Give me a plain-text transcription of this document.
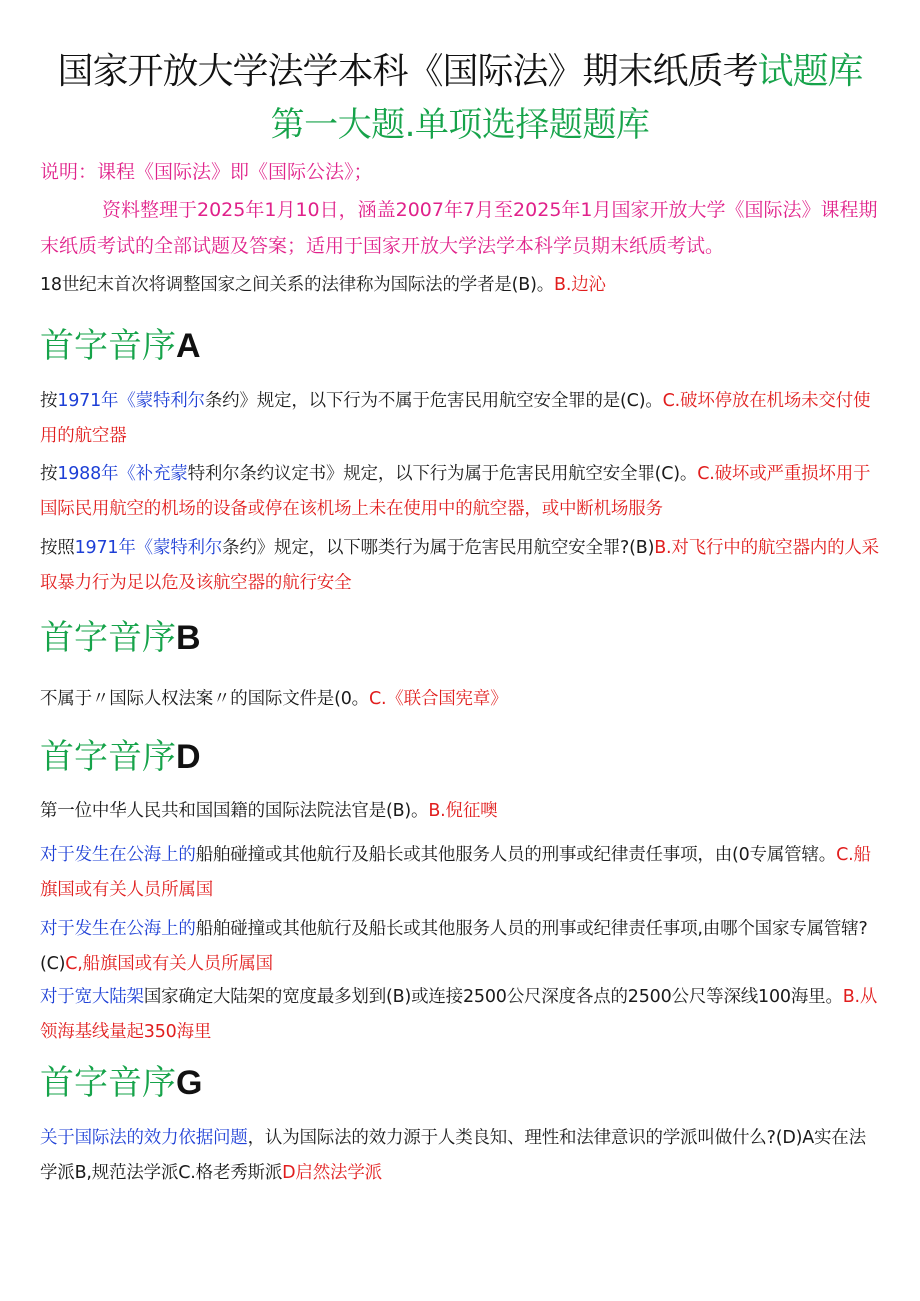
国家开放大学法学本科《国际法》期末纸质考试题库
第一大题.单项选择题题库
说明：课程《国际法》即《国际公法》；
资料整理于2025年1月10日，涵盖2007年7月至2025年1月国家开放大学《国际法》课程期末纸质考试的全部试题及答案；适用于国家开放大学法学本科学员期末纸质考试。
18世纪末首次将调整国家之间关系的法律称为国际法的学者是(B)。B.边沁
首字音序A
按1971年《蒙特利尔条约》规定，以下行为不属于危害民用航空安全罪的是(C)。C.破坏停放在机场未交付使用的航空器
按1988年《补充蒙特利尔条约议定书》规定，以下行为属于危害民用航空安全罪(C)。C.破坏或严重损坏用于国际民用航空的机场的设备或停在该机场上未在使用中的航空器，或中断机场服务
按照1971年《蒙特利尔条约》规定，以下哪类行为属于危害民用航空安全罪?(B)B.对飞行中的航空器内的人采取暴力行为足以危及该航空器的航行安全
首字音序B
不属于〃国际人权法案〃的国际文件是(0。C.《联合国宪章》
首字音序D
第一位中华人民共和国国籍的国际法院法官是(B)。B.倪征噢
对于发生在公海上的船舶碰撞或其他航行及船长或其他服务人员的刑事或纪律责任事项，由(0专属管辖。C.船旗国或有关人员所属国
对于发生在公海上的船舶碰撞或其他航行及船长或其他服务人员的刑事或纪律责任事项,由哪个国家专属管辖?(C)C,船旗国或有关人员所属国
对于宽大陆架国家确定大陆架的宽度最多划到(B)或连接2500公尺深度各点的2500公尺等深线100海里。B.从领海基线量起350海里
首字音序G
关于国际法的效力依据问题，认为国际法的效力源于人类良知、理性和法律意识的学派叫做什么?(D)A实在法学派B,规范法学派C.格老秀斯派D启然法学派
